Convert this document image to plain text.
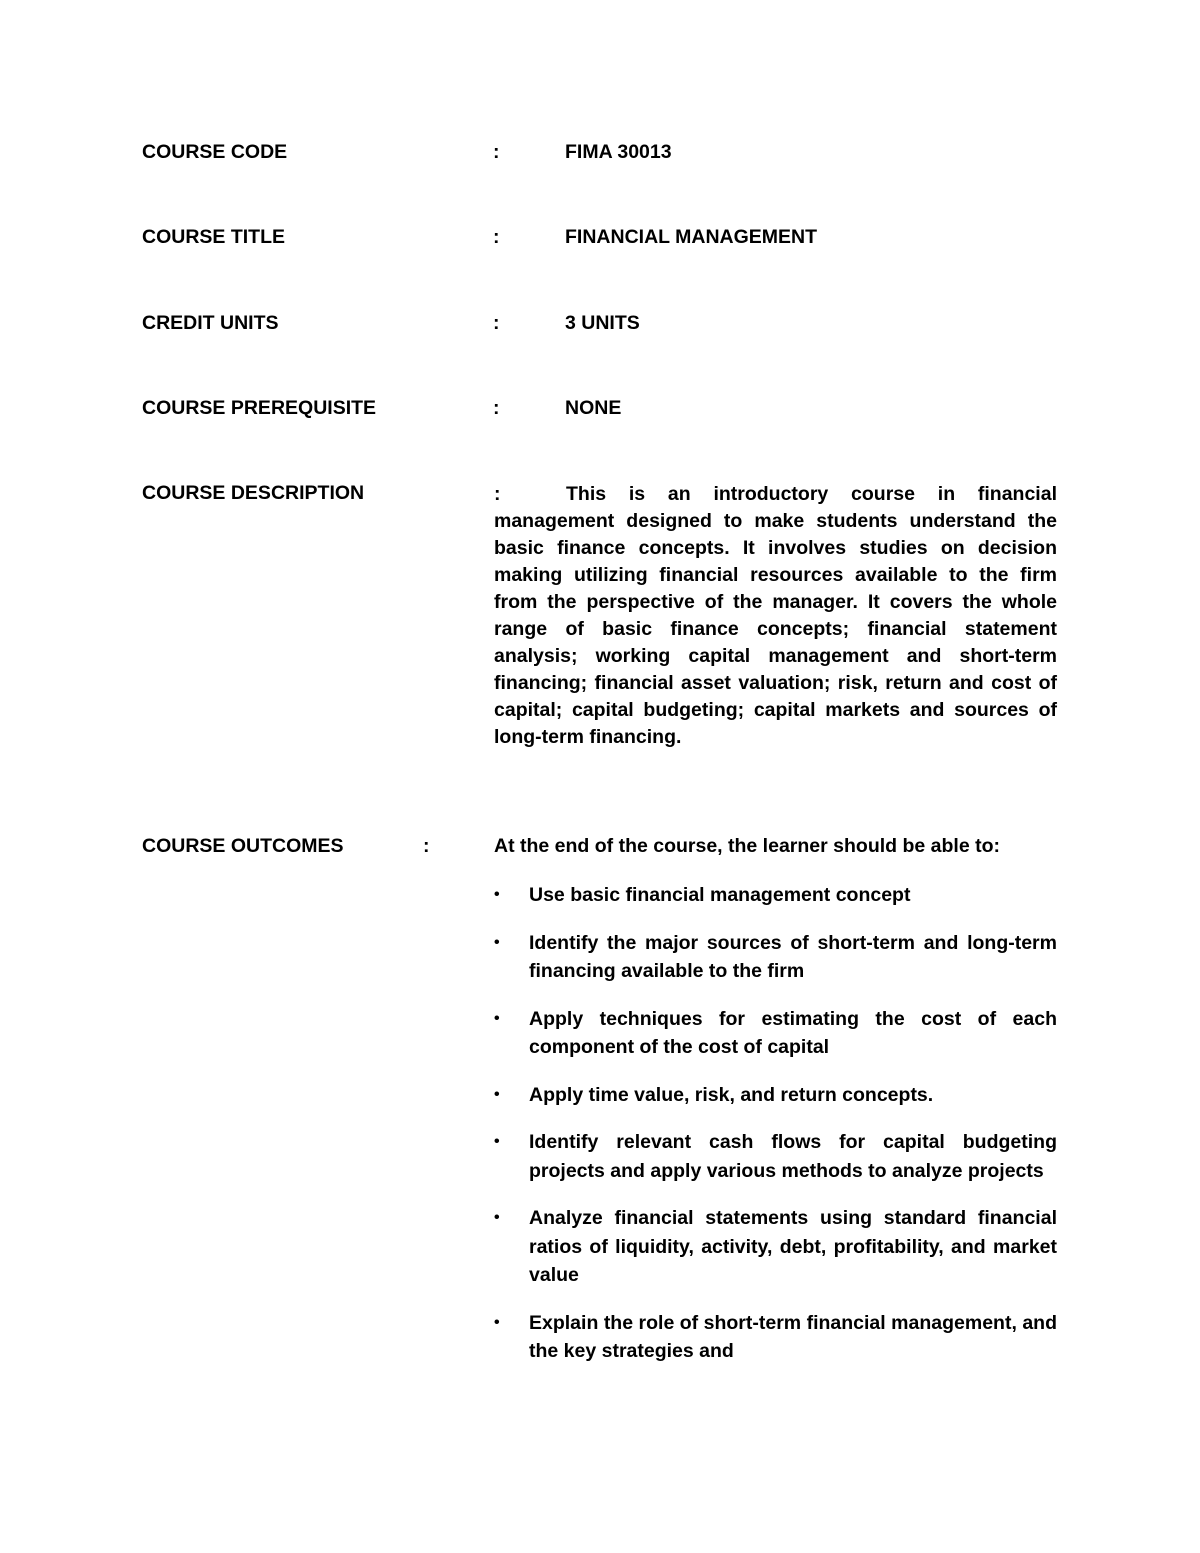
COURSE CODE	:	FIMA 30013
COURSE TITLE	:	FINANCIAL MANAGEMENT
CREDIT UNITS	:	3 UNITS
COURSE PREREQUISITE	:	NONE
COURSE DESCRIPTION	:	This is an introductory course in financial management designed to make students understand the basic finance concepts. It involves studies on decision making utilizing financial resources available to the firm from the perspective of the manager. It covers the whole range of basic finance concepts; financial statement analysis; working capital management and short-term financing; financial asset valuation; risk, return and cost of capital; capital budgeting; capital markets and sources of long-term financing.
COURSE OUTCOMES	:	At the end of the course, the learner should be able to:
• Use basic financial management concept
• Identify the major sources of short-term and long-term financing available to the firm
• Apply techniques for estimating the cost of each component of the cost of capital
• Apply time value, risk, and return concepts.
• Identify relevant cash flows for capital budgeting projects and apply various methods to analyze projects
• Analyze financial statements using standard financial ratios of liquidity, activity, debt, profitability, and market value
• Explain the role of short-term financial management, and the key strategies and
